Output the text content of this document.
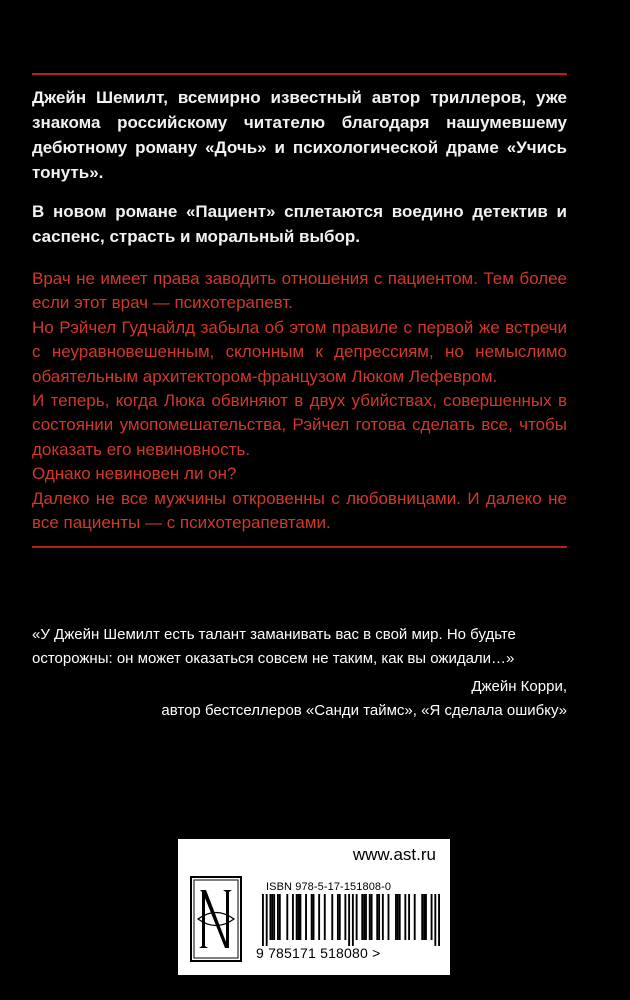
Джейн Шемилт, всемирно известный автор триллеров, уже знакома российскому читателю благодаря нашумевшему дебютному роману «Дочь» и психологической драме «Учись тонуть».

В новом романе «Пациент» сплетаются воедино детектив и саспенс, страсть и моральный выбор.

Врач не имеет права заводить отношения с пациентом. Тем более если этот врач — психотерапевт.

Но Рэйчел Гудчайлд забыла об этом правиле с первой же встречи с неуравновешенным, склонным к депрессиям, но немыслимо обаятельным архитектором-французом Люком Лефевром.

И теперь, когда Люка обвиняют в двух убийствах, совершенных в состоянии умопомешательства, Рэйчел готова сделать все, чтобы доказать его невиновность.

Однако невиновен ли он?

Далеко не все мужчины откровенны с любовницами. И далеко не все пациенты — с психотерапевтами.

«У Джейн Шемилт есть талант заманивать вас в свой мир. Но будьте осторожны: он может оказаться совсем не таким, как вы ожидали…»

Джейн Корри,

автор бестселлеров «Санди таймс», «Я сделала ошибку»

www.ast.ru
ISBN 978-5-17-151808-0
9 785171 518080 >
